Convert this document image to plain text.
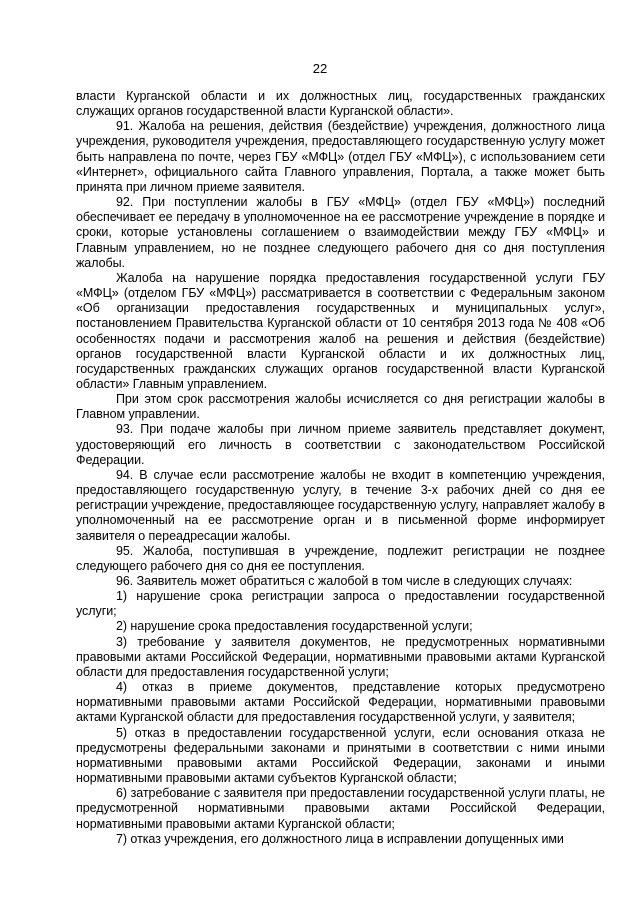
22

власти Курганской области и их должностных лиц, государственных гражданских служащих органов государственной власти Курганской области».

91. Жалоба на решения, действия (бездействие) учреждения, должностного лица учреждения, руководителя учреждения, предоставляющего государственную услугу может быть направлена по почте, через ГБУ «МФЦ» (отдел ГБУ «МФЦ»), с использованием сети «Интернет», официального сайта Главного управления, Портала, а также может быть принята при личном приеме заявителя.

92. При поступлении жалобы в ГБУ «МФЦ» (отдел ГБУ «МФЦ») последний обеспечивает ее передачу в уполномоченное на ее рассмотрение учреждение в порядке и сроки, которые установлены соглашением о взаимодействии между ГБУ «МФЦ» и Главным управлением, но не позднее следующего рабочего дня со дня поступления жалобы.

Жалоба на нарушение порядка предоставления государственной услуги ГБУ «МФЦ» (отделом ГБУ «МФЦ») рассматривается в соответствии с Федеральным законом «Об организации предоставления государственных и муниципальных услуг», постановлением Правительства Курганской области от 10 сентября 2013 года № 408 «Об особенностях подачи и рассмотрения жалоб на решения и действия (бездействие) органов государственной власти Курганской области и их должностных лиц, государственных гражданских служащих органов государственной власти Курганской области» Главным управлением.

При этом срок рассмотрения жалобы исчисляется со дня регистрации жалобы в Главном управлении.

93. При подаче жалобы при личном приеме заявитель представляет документ, удостоверяющий его личность в соответствии с законодательством Российской Федерации.

94. В случае если рассмотрение жалобы не входит в компетенцию учреждения, предоставляющего государственную услугу, в течение 3-х рабочих дней со дня ее регистрации учреждение, предоставляющее государственную услугу, направляет жалобу в уполномоченный на ее рассмотрение орган и в письменной форме информирует заявителя о переадресации жалобы.

95. Жалоба, поступившая в учреждение, подлежит регистрации не позднее следующего рабочего дня со дня ее поступления.

96. Заявитель может обратиться с жалобой в том числе в следующих случаях:

1) нарушение срока регистрации запроса о предоставлении государственной услуги;

2) нарушение срока предоставления государственной услуги;

3) требование у заявителя документов, не предусмотренных нормативными правовыми актами Российской Федерации, нормативными правовыми актами Курганской области для предоставления государственной услуги;

4) отказ в приеме документов, представление которых предусмотрено нормативными правовыми актами Российской Федерации, нормативными правовыми актами Курганской области для предоставления государственной услуги, у заявителя;

5) отказ в предоставлении государственной услуги, если основания отказа не предусмотрены федеральными законами и принятыми в соответствии с ними иными нормативными правовыми актами Российской Федерации, законами и иными нормативными правовыми актами субъектов Курганской области;

6) затребование с заявителя при предоставлении государственной услуги платы, не предусмотренной нормативными правовыми актами Российской Федерации, нормативными правовыми актами Курганской области;

7) отказ учреждения, его должностного лица в исправлении допущенных ими
